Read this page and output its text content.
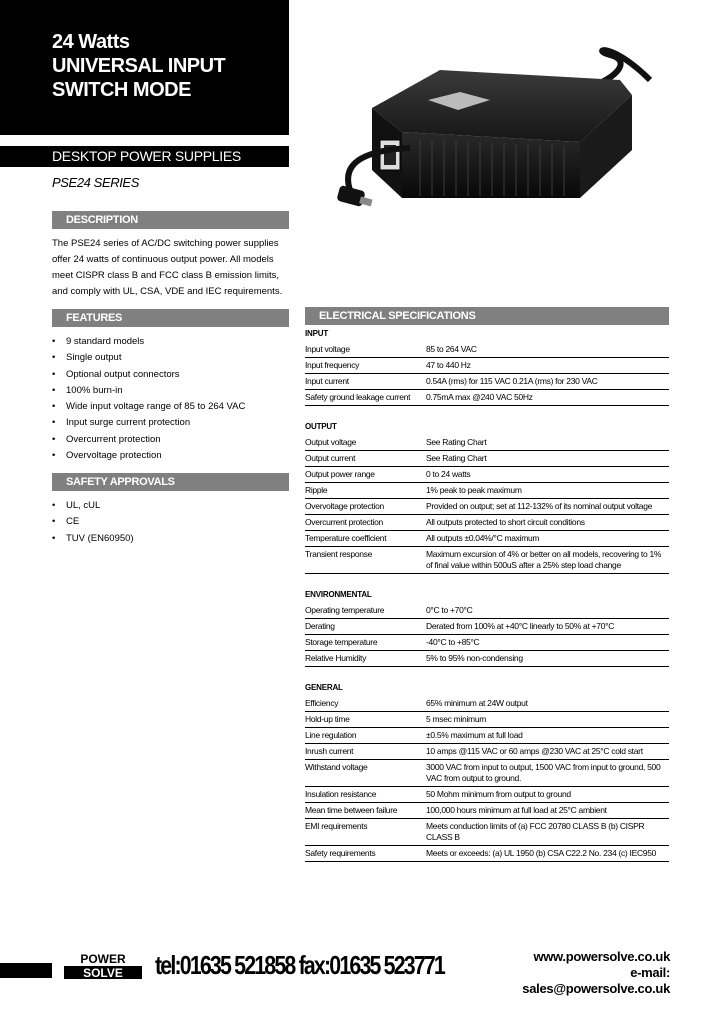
24 Watts
UNIVERSAL INPUT
SWITCH MODE
DESKTOP POWER SUPPLIES
PSE24 SERIES
DESCRIPTION
The PSE24 series of AC/DC switching power supplies offer 24 watts of continuous output power. All models meet CISPR class B and FCC class B emission limits, and comply with UL, CSA, VDE and IEC requirements.
FEATURES
• 9 standard models
• Single output
• Optional output connectors
• 100% burn-in
• Wide input voltage range of 85 to 264 VAC
• Input surge current protection
• Overcurrent protection
• Overvoltage protection
SAFETY APPROVALS
• UL, cUL
• CE
• TUV (EN60950)
ELECTRICAL SPECIFICATIONS
INPUT
Input voltage	85 to 264 VAC
Input frequency	47 to 440 Hz
Input current	0.54A (rms) for 115 VAC 0.21A (rms) for 230 VAC
Safety ground leakage current	0.75mA max @240 VAC 50Hz
OUTPUT
Output voltage	See Rating Chart
Output current	See Rating Chart
Output power range	0 to 24 watts
Ripple	1% peak to peak maximum
Overvoltage protection	Provided on output; set at 112-132% of its nominal output voltage
Overcurrent protection	All outputs protected to short circuit conditions
Temperature coefficient	All outputs ±0.04%/°C maximum
Transient response	Maximum excursion of 4% or better on all models, recovering to 1% of final value within 500uS after a 25% step load change
ENVIRONMENTAL
Operating temperature	0°C to +70°C
Derating	Derated from 100% at +40°C linearly to 50% at +70°C
Storage temperature	-40°C to +85°C
Relative Humidity	5% to 95% non-condensing
GENERAL
Efficiency	65% minimum at 24W output
Hold-up time	5 msec minimum
Line regulation	±0.5% maximum at full load
Inrush current	10 amps @115 VAC or 60 amps @230 VAC at 25°C cold start
Withstand voltage	3000 VAC from input to output, 1500 VAC from input to ground, 500 VAC from output to ground.
Insulation resistance	50 Mohm minimum from output to ground
Mean time between failure	100,000 hours minimum at full load at 25°C ambient
EMI requirements	Meets conduction limits of (a) FCC 20780 CLASS B (b) CISPR CLASS B
Safety requirements	Meets or exceeds: (a) UL 1950 (b) CSA C22.2 No. 234 (c) IEC950
POWER
SOLVE tel:01635 521858 fax:01635 523771	www.powersolve.co.uk
e-mail: sales@powersolve.co.uk
